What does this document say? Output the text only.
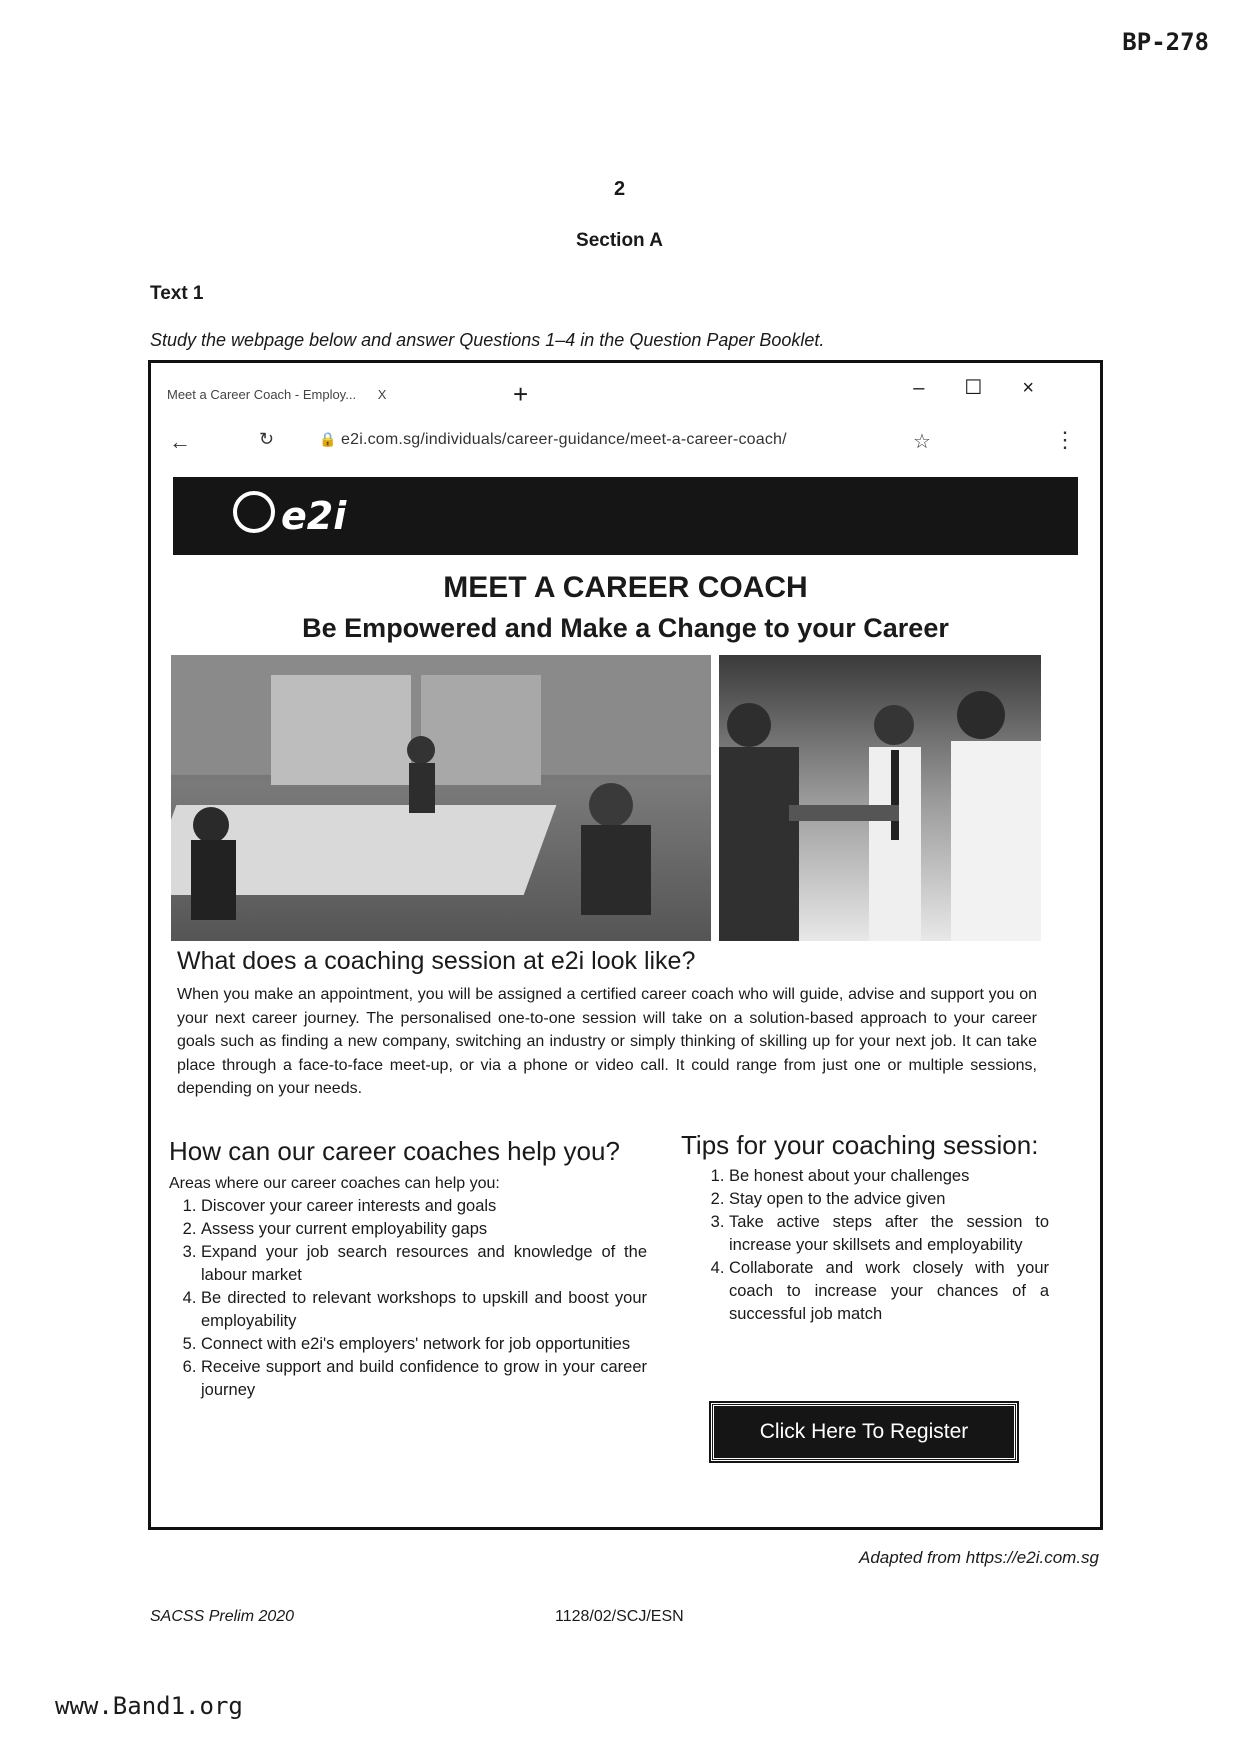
BP-278
2
Section A
Text 1
Study the webpage below and answer Questions 1–4 in the Question Paper Booklet.
Meet a Career Coach - Employ... X	+	–☐×
←	↻	🔒 e2i.com.sg/individuals/career-guidance/meet-a-career-coach/	☆	⋮
e2i
MEET A CAREER COACH
Be Empowered and Make a Change to your Career
What does a coaching session at e2i look like?
When you make an appointment, you will be assigned a certified career coach who will guide, advise and support you on your next career journey. The personalised one-to-one session will take on a solution-based approach to your career goals such as finding a new company, switching an industry or simply thinking of skilling up for your next job. It can take place through a face-to-face meet-up, or via a phone or video call. It could range from just one or multiple sessions, depending on your needs.
How can our career coaches help you?
Areas where our career coaches can help you:
1. Discover your career interests and goals
2. Assess your current employability gaps
3. Expand your job search resources and knowledge of the labour market
4. Be directed to relevant workshops to upskill and boost your employability
5. Connect with e2i's employers' network for job opportunities
6. Receive support and build confidence to grow in your career journey
Tips for your coaching session:
1. Be honest about your challenges
2. Stay open to the advice given
3. Take active steps after the session to increase your skillsets and employability
4. Collaborate and work closely with your coach to increase your chances of a successful job match
Click Here To Register
Adapted from https://e2i.com.sg
SACSS Prelim 2020	1128/02/SCJ/ESN
www.Band1.org
